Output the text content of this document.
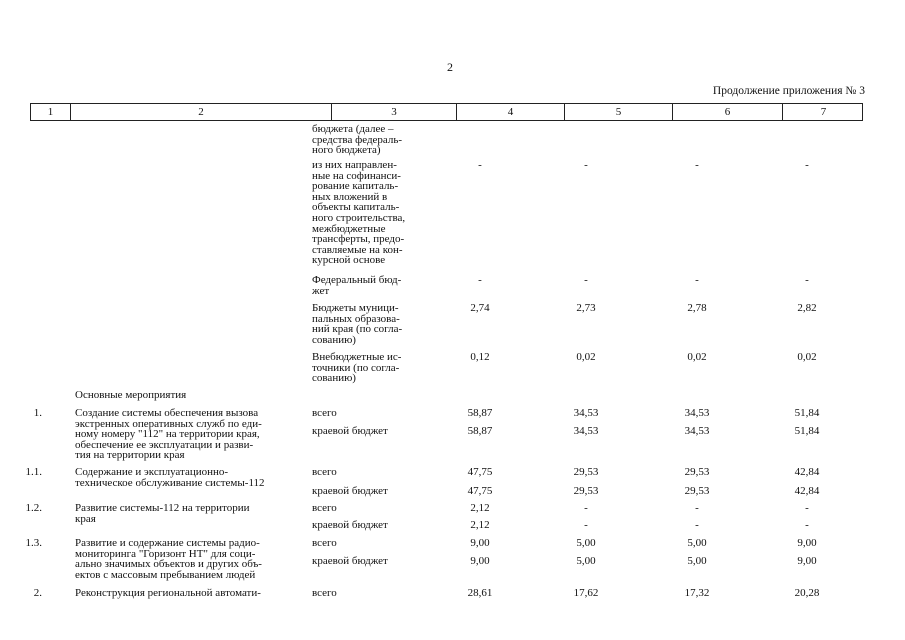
2
Продолжение приложения № 3
1	2	3	4	5	6	7
бюджета (далее –
средства федераль-
ного бюджета)
из них направлен-
ные на софинанси-
рование капиталь-
ных вложений в
объекты капиталь-
ного строительства,
межбюджетные
трансферты, предо-
ставляемые на кон-
курсной основе
-	-	-	-
Федеральный бюд-
жет
-	-	-	-
Бюджеты муници-
пальных образова-
ний края (по согла-
сованию)
2,74	2,73	2,78	2,82
Внебюджетные ис-
точники (по согла-
сованию)
0,12	0,02	0,02	0,02
Основные мероприятия
1.	Создание системы обеспечения вызова
экстренных оперативных служб по еди-
ному номеру "112" на территории края,
обеспечение ее эксплуатации и разви-
тия на территории края
всего	58,87	34,53	34,53	51,84
краевой бюджет	58,87	34,53	34,53	51,84
1.1.	Содержание и эксплуатационно-
техническое обслуживание системы-112
всего	47,75	29,53	29,53	42,84
краевой бюджет	47,75	29,53	29,53	42,84
1.2.	Развитие системы-112 на территории
края
всего	2,12	-	-	-
краевой бюджет	2,12	-	-	-
1.3.	Развитие и содержание системы радио-
мониторинга "Горизонт НТ" для соци-
ально значимых объектов и других объ-
ектов с массовым пребыванием людей
всего	9,00	5,00	5,00	9,00
краевой бюджет	9,00	5,00	5,00	9,00
2.	Реконструкция региональной автомати-	всего	28,61	17,62	17,32	20,28
